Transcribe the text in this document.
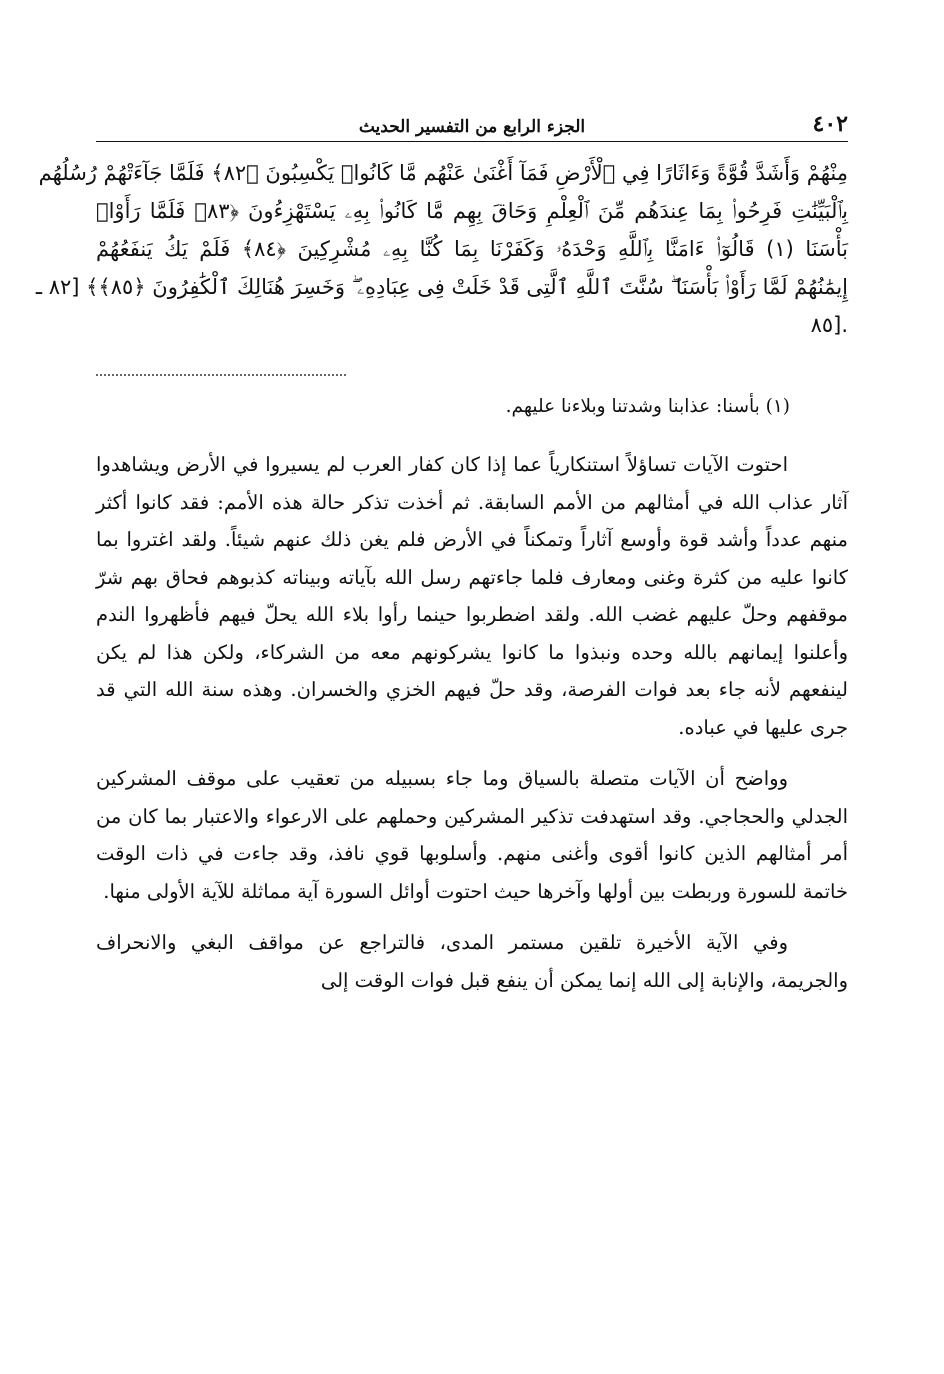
٤٠٢
الجزء الرابع من التفسير الحديث
مِنْهُمْ وَأَشَدَّ قُوَّةً وَءَاثَارًا فِي ٱلْأَرْضِ فَمَآ أَغْنَىٰ عَنْهُم مَّا كَانُوا۟ يَكْسِبُونَ ﴿٨٢﴾ فَلَمَّا جَآءَتْهُمْ رُسُلُهُم
بِٱلْبَيِّنَٰتِ فَرِحُوا۟ بِمَا عِندَهُم مِّنَ ٱلْعِلْمِ وَحَاقَ بِهِم مَّا كَانُوا۟ بِهِۦ يَسْتَهْزِءُونَ ﴿٨٣﴾ فَلَمَّا رَأَوْا۟
بَأْسَنَا (١) قَالُوٓا۟ ءَامَنَّا بِٱللَّهِ وَحْدَهُۥ وَكَفَرْنَا بِمَا كُنَّا بِهِۦ مُشْرِكِينَ ﴿٨٤﴾ فَلَمْ يَكُ يَنفَعُهُمْ
إِيمَٰنُهُمْ لَمَّا رَأَوْا۟ بَأْسَنَا ۖ سُنَّتَ ٱللَّهِ ٱلَّتِى قَدْ خَلَتْ فِى عِبَادِهِۦ ۖ وَخَسِرَ هُنَالِكَ ٱلْكَٰفِرُونَ ﴿٨٥﴾﴾ [٨٢ ـ
.[٨٥
(١) بأسنا: عذابنا وشدتنا وبلاءنا عليهم.

احتوت الآيات تساؤلاً استنكارياً عما إذا كان كفار العرب لم يسيروا في الأرض ويشاهدوا آثار عذاب الله في أمثالهم من الأمم السابقة. ثم أخذت تذكر حالة هذه الأمم: فقد كانوا أكثر منهم عدداً وأشد قوة وأوسع آثاراً وتمكناً في الأرض فلم يغن ذلك عنهم شيئاً. ولقد اغتروا بما كانوا عليه من كثرة وغنى ومعارف فلما جاءتهم رسل الله بآياته وبيناته كذبوهم فحاق بهم شرّ موقفهم وحلّ عليهم غضب الله. ولقد اضطربوا حينما رأوا بلاء الله يحلّ فيهم فأظهروا الندم وأعلنوا إيمانهم بالله وحده ونبذوا ما كانوا يشركونهم معه من الشركاء، ولكن هذا لم يكن لينفعهم لأنه جاء بعد فوات الفرصة، وقد حلّ فيهم الخزي والخسران. وهذه سنة الله التي قد جرى عليها في عباده.

وواضح أن الآيات متصلة بالسياق وما جاء بسبيله من تعقيب على موقف المشركين الجدلي والحجاجي. وقد استهدفت تذكير المشركين وحملهم على الارعواء والاعتبار بما كان من أمر أمثالهم الذين كانوا أقوى وأغنى منهم. وأسلوبها قوي نافذ، وقد جاءت في ذات الوقت خاتمة للسورة وربطت بين أولها وآخرها حيث احتوت أوائل السورة آية مماثلة للآية الأولى منها.

وفي الآية الأخيرة تلقين مستمر المدى، فالتراجع عن مواقف البغي والانحراف والجريمة، والإنابة إلى الله إنما يمكن أن ينفع قبل فوات الوقت إلى
